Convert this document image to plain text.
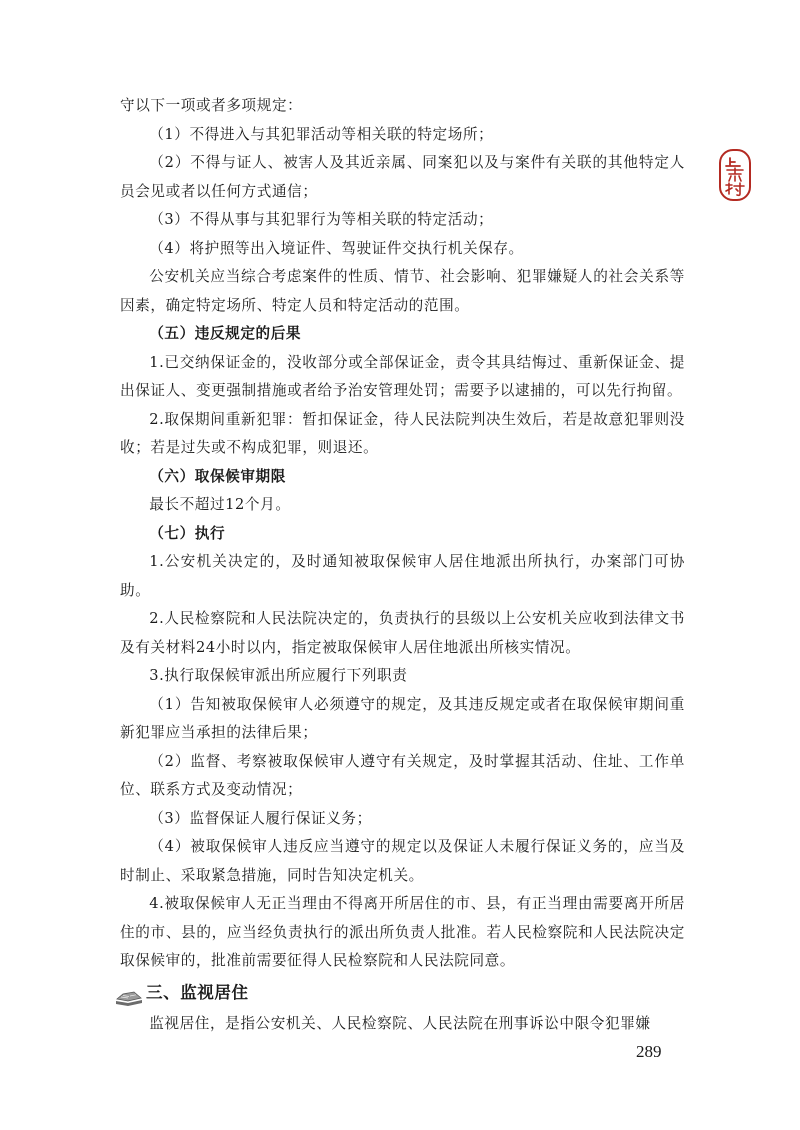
守以下一项或者多项规定：

（1）不得进入与其犯罪活动等相关联的特定场所；

（2）不得与证人、被害人及其近亲属、同案犯以及与案件有关联的其他特定人员会见或者以任何方式通信；

（3）不得从事与其犯罪行为等相关联的特定活动；

（4）将护照等出入境证件、驾驶证件交执行机关保存。

公安机关应当综合考虑案件的性质、情节、社会影响、犯罪嫌疑人的社会关系等因素，确定特定场所、特定人员和特定活动的范围。

（五）违反规定的后果

1.已交纳保证金的，没收部分或全部保证金，责令其具结悔过、重新保证金、提出保证人、变更强制措施或者给予治安管理处罚；需要予以逮捕的，可以先行拘留。

2.取保期间重新犯罪：暂扣保证金，待人民法院判决生效后，若是故意犯罪则没收；若是过失或不构成犯罪，则退还。

（六）取保候审期限

最长不超过12个月。

（七）执行

1.公安机关决定的，及时通知被取保候审人居住地派出所执行，办案部门可协助。

2.人民检察院和人民法院决定的，负责执行的县级以上公安机关应收到法律文书及有关材料24小时以内，指定被取保候审人居住地派出所核实情况。

3.执行取保候审派出所应履行下列职责

（1）告知被取保候审人必须遵守的规定，及其违反规定或者在取保候审期间重新犯罪应当承担的法律后果；

（2）监督、考察被取保候审人遵守有关规定，及时掌握其活动、住址、工作单位、联系方式及变动情况；

（3）监督保证人履行保证义务；

（4）被取保候审人违反应当遵守的规定以及保证人未履行保证义务的，应当及时制止、采取紧急措施，同时告知决定机关。

4.被取保候审人无正当理由不得离开所居住的市、县，有正当理由需要离开所居住的市、县的，应当经负责执行的派出所负责人批准。若人民检察院和人民法院决定取保候审的，批准前需要征得人民检察院和人民法院同意。

三、监视居住

监视居住，是指公安机关、人民检察院、人民法院在刑事诉讼中限令犯罪嫌

289
